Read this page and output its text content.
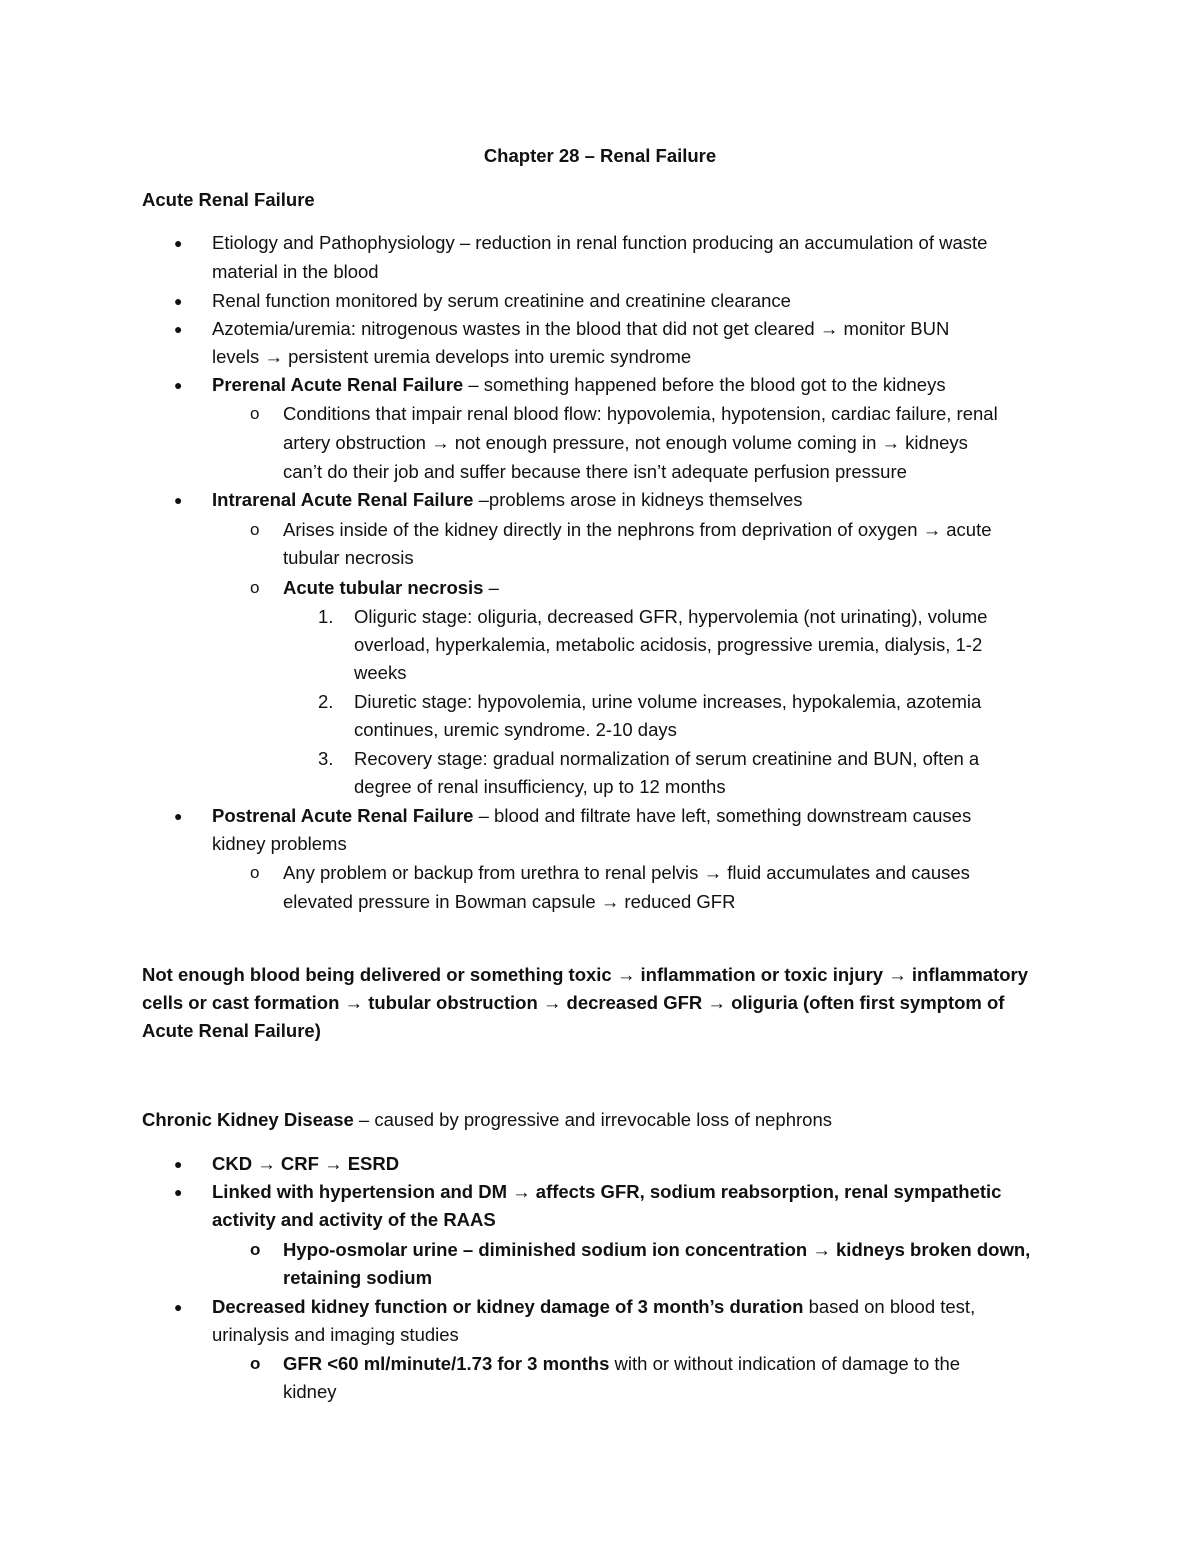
Chapter 28 – Renal Failure
Acute Renal Failure
● Etiology and Pathophysiology – reduction in renal function producing an accumulation of waste
material in the blood
● Renal function monitored by serum creatinine and creatinine clearance
● Azotemia/uremia: nitrogenous wastes in the blood that did not get cleared → monitor BUN
levels → persistent uremia develops into uremic syndrome
● Prerenal Acute Renal Failure – something happened before the blood got to the kidneys
o Conditions that impair renal blood flow: hypovolemia, hypotension, cardiac failure, renal
artery obstruction → not enough pressure, not enough volume coming in → kidneys
can’t do their job and suffer because there isn’t adequate perfusion pressure
● Intrarenal Acute Renal Failure –problems arose in kidneys themselves
o Arises inside of the kidney directly in the nephrons from deprivation of oxygen → acute
tubular necrosis
o Acute tubular necrosis –
1. Oliguric stage: oliguria, decreased GFR, hypervolemia (not urinating), volume
overload, hyperkalemia, metabolic acidosis, progressive uremia, dialysis, 1-2
weeks
2. Diuretic stage: hypovolemia, urine volume increases, hypokalemia, azotemia
continues, uremic syndrome. 2-10 days
3. Recovery stage: gradual normalization of serum creatinine and BUN, often a
degree of renal insufficiency, up to 12 months
● Postrenal Acute Renal Failure – blood and filtrate have left, something downstream causes
kidney problems
o Any problem or backup from urethra to renal pelvis → fluid accumulates and causes
elevated pressure in Bowman capsule → reduced GFR
Not enough blood being delivered or something toxic → inflammation or toxic injury → inflammatory
cells or cast formation → tubular obstruction → decreased GFR → oliguria (often first symptom of
Acute Renal Failure)
Chronic Kidney Disease – caused by progressive and irrevocable loss of nephrons
● CKD → CRF → ESRD
● Linked with hypertension and DM → affects GFR, sodium reabsorption, renal sympathetic
activity and activity of the RAAS
o Hypo-osmolar urine – diminished sodium ion concentration → kidneys broken down,
retaining sodium
● Decreased kidney function or kidney damage of 3 month’s duration based on blood test,
urinalysis and imaging studies
o GFR <60 ml/minute/1.73 for 3 months with or without indication of damage to the
kidney
